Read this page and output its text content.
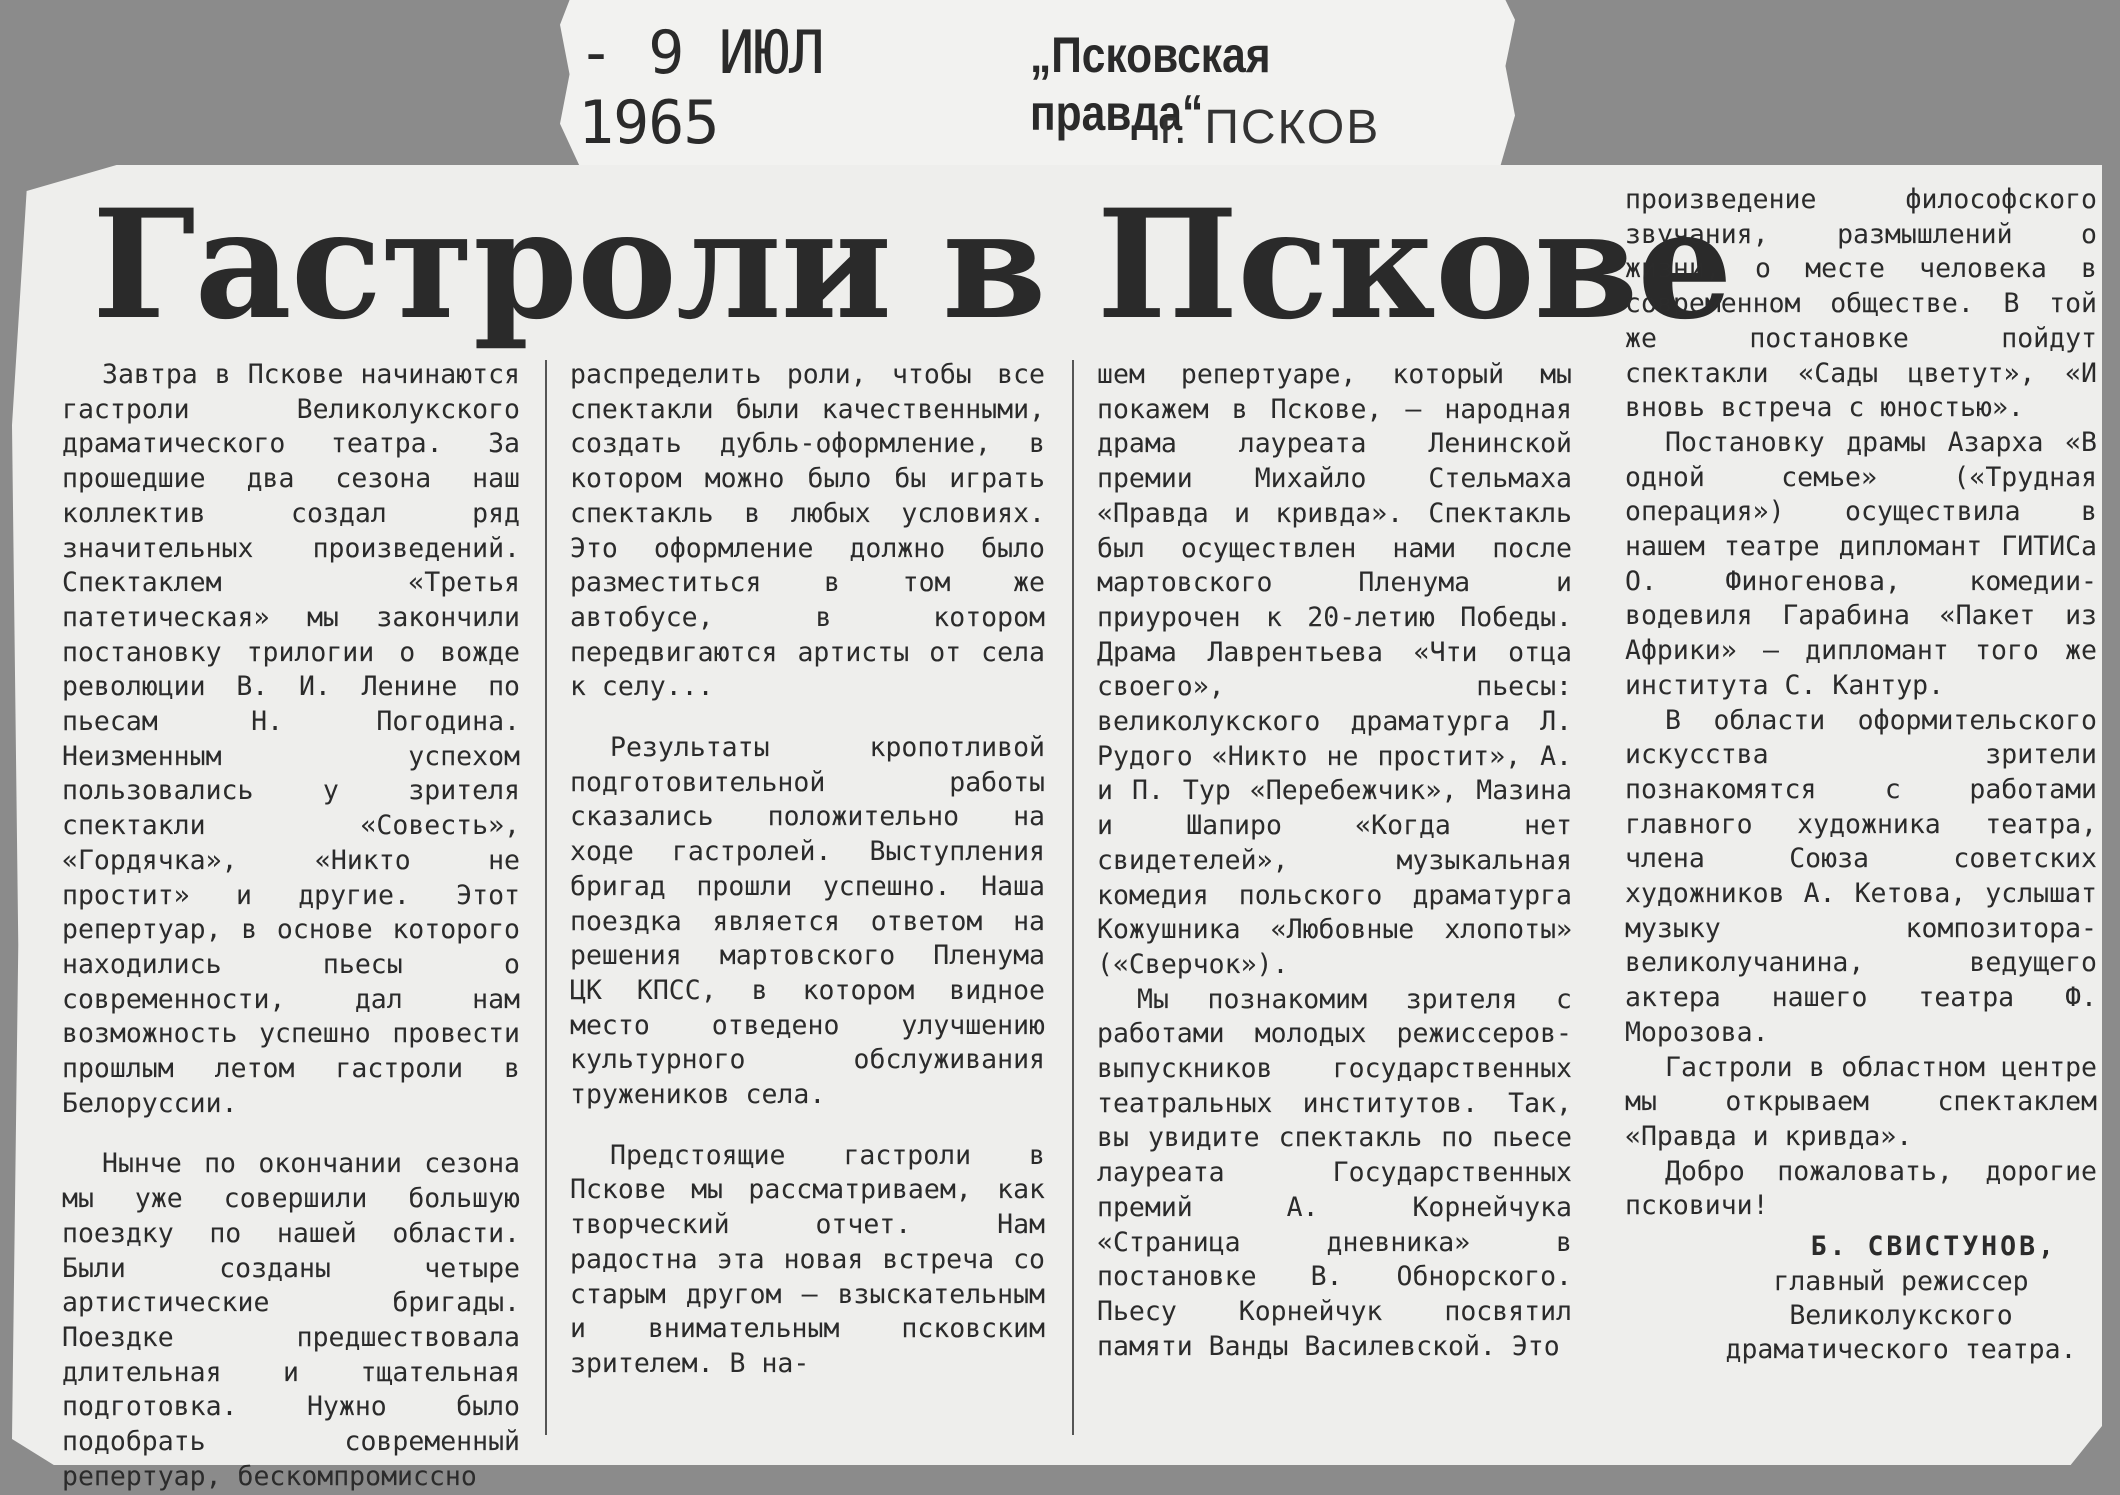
- 9 ИЮЛ 1965
„Псковская правда“
г. ПСКОВ
Гастроли в Пскове

Завтра в Пскове начинаются гастроли Великолукского драматического театра. За прошедшие два сезона наш коллектив создал ряд значительных произведений. Спектаклем «Третья патетическая» мы закончили постановку трилогии о вожде революции В. И. Ленине по пьесам Н. Погодина. Неизменным успехом пользовались у зрителя спектакли «Совесть», «Гордячка», «Никто не простит» и другие. Этот репертуар, в основе которого находились пьесы о современности, дал нам возможность успешно провести прошлым летом гастроли в Белоруссии.

Нынче по окончании сезона мы уже совершили большую поездку по нашей области. Были созданы четыре артистические бригады. Поездке предшествовала длительная и тщательная подготовка. Нужно было подобрать современный репертуар, бескомпромиссно

распределить роли, чтобы все спектакли были качественными, создать дубль-оформление, в котором можно было бы играть спектакль в любых условиях. Это оформление должно было разместиться в том же автобусе, в котором передвигаются артисты от села к селу...

Результаты кропотливой подготовительной работы сказались положительно на ходе гастролей. Выступления бригад прошли успешно. Наша поездка является ответом на решения мартовского Пленума ЦК КПСС, в котором видное место отведено улучшению культурного обслуживания тружеников села.

Предстоящие гастроли в Пскове мы рассматриваем, как творческий отчет. Нам радостна эта новая встреча со старым другом — взыскательным и внимательным псковским зрителем. В на-

шем репертуаре, который мы покажем в Пскове, — народная драма лауреата Ленинской премии Михайло Стельмаха «Правда и кривда». Спектакль был осуществлен нами после мартовского Пленума и приурочен к 20-летию Победы. Драма Лаврентьева «Чти отца своего», пьесы: великолукского драматурга Л. Рудого «Никто не простит», А. и П. Тур «Перебежчик», Мазина и Шапиро «Когда нет свидетелей», музыкальная комедия польского драматурга Кожушника «Любовные хлопоты» («Сверчок»).

Мы познакомим зрителя с работами молодых режиссеров-выпускников государственных театральных институтов. Так, вы увидите спектакль по пьесе лауреата Государственных премий А. Корнейчука «Страница дневника» в постановке В. Обнорского. Пьесу Корнейчук посвятил памяти Ванды Василевской. Это

произведение философского звучания, размышлений о жизни, о месте человека в современном обществе. В той же постановке пойдут спектакли «Сады цветут», «И вновь встреча с юностью».

Постановку драмы Азарха «В одной семье» («Трудная операция») осуществила в нашем театре дипломант ГИТИСа О. Финогенова, комедии-водевиля Гарабина «Пакет из Африки» — дипломант того же института С. Кантур.

В области оформительского искусства зрители познакомятся с работами главного художника театра, члена Союза советских художников А. Кетова, услышат музыку композитора-великолучанина, ведущего актера нашего театра Ф. Морозова.

Гастроли в областном центре мы открываем спектаклем «Правда и кривда».

Добро пожаловать, дорогие псковичи!

Б. СВИСТУНОВ,
главный режиссер Великолукского драматического театра.
